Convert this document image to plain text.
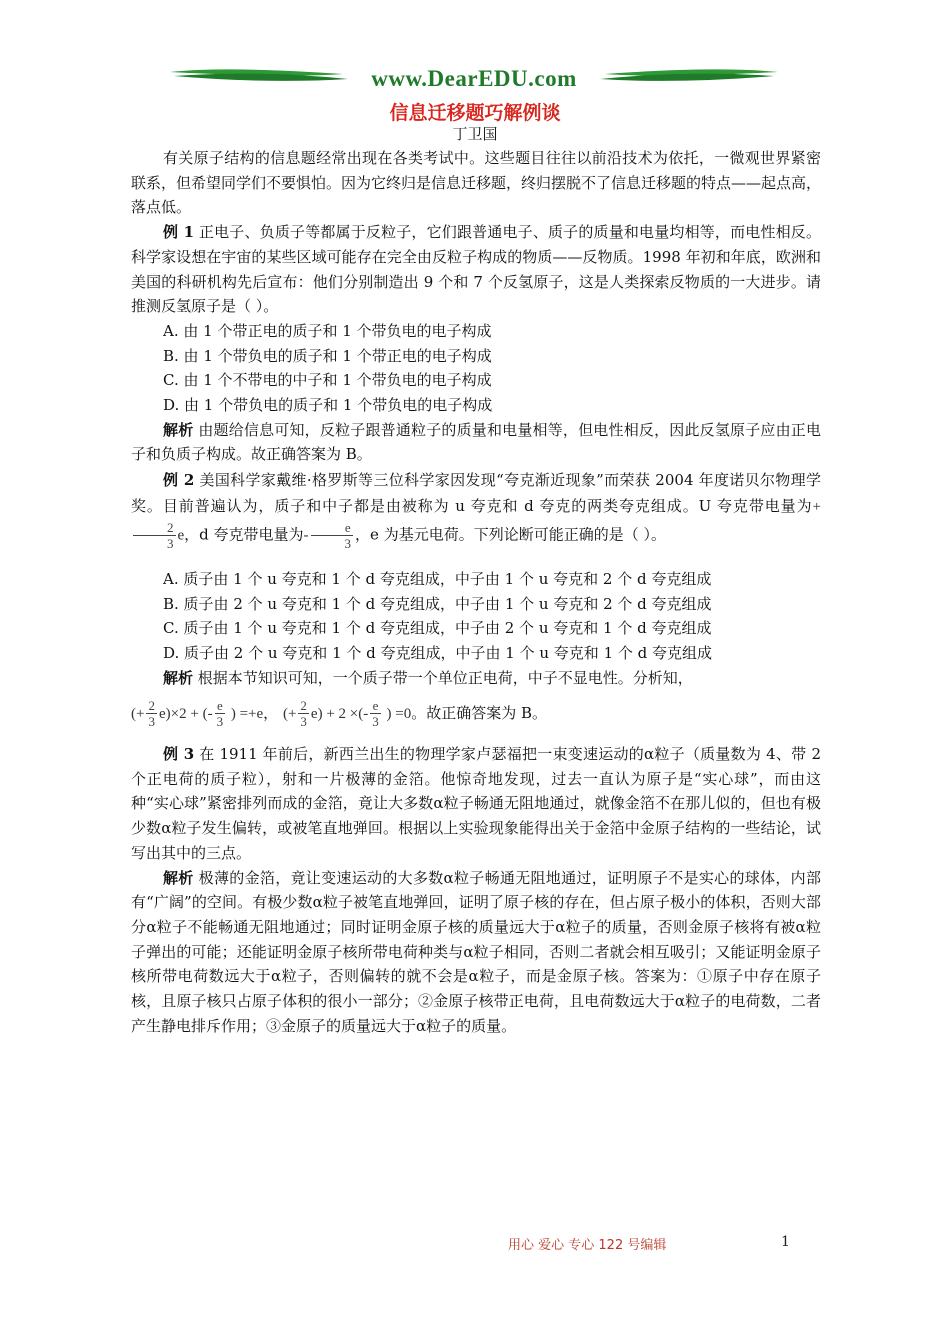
www.DearEDU.com
信息迁移题巧解例谈
丁卫国

有关原子结构的信息题经常出现在各类考试中。这些题目往往以前沿技术为依托，一微观世界紧密联系，但希望同学们不要惧怕。因为它终归是信息迁移题，终归摆脱不了信息迁移题的特点——起点高，落点低。

例 1 正电子、负质子等都属于反粒子，它们跟普通电子、质子的质量和电量均相等，而电性相反。科学家设想在宇宙的某些区域可能存在完全由反粒子构成的物质——反物质。1998 年初和年底，欧洲和美国的科研机构先后宣布：他们分别制造出 9 个和 7 个反氢原子，这是人类探索反物质的一大进步。请推测反氢原子是（ ）。

A. 由 1 个带正电的质子和 1 个带负电的电子构成

B. 由 1 个带负电的质子和 1 个带正电的电子构成

C. 由 1 个不带电的中子和 1 个带负电的电子构成

D. 由 1 个带负电的质子和 1 个带负电的电子构成

解析 由题给信息可知，反粒子跟普通粒子的质量和电量相等，但电性相反，因此反氢原子应由正电子和负质子构成。故正确答案为 B。

例 2 美国科学家戴维·格罗斯等三位科学家因发现“夸克渐近现象”而荣获 2004 年度诺贝尔物理学奖。目前普遍认为，质子和中子都是由被称为 u 夸克和 d 夸克的两类夸克组成。U 夸克带电量为+
$\frac{2}{3}$ e，d 夸克带电量为- $\frac{e}{3}$ ，e 为基元电荷。下列论断可能正确的是（ ）。

A. 质子由 1 个 u 夸克和 1 个 d 夸克组成，中子由 1 个 u 夸克和 2 个 d 夸克组成

B. 质子由 2 个 u 夸克和 1 个 d 夸克组成，中子由 1 个 u 夸克和 2 个 d 夸克组成

C. 质子由 1 个 u 夸克和 1 个 d 夸克组成，中子由 2 个 u 夸克和 1 个 d 夸克组成

D. 质子由 2 个 u 夸克和 1 个 d 夸克组成，中子由 1 个 u 夸克和 1 个 d 夸克组成

解析 根据本节知识可知，一个质子带一个单位正电荷，中子不显电性。分析知，

(+ $\frac{2}{3} e)\times 2$ + (- $\frac{e}{3}$ ) =+e， (+ $\frac{2}{3} e) + 2$ ×(- $\frac{e}{3}$ ) =0。故正确答案为 B。

例 3 在 1911 年前后，新西兰出生的物理学家卢瑟福把一束变速运动的α粒子（质量数为 4、带 2 个正电荷的质子粒），射和一片极薄的金箔。他惊奇地发现，过去一直认为原子是“实心球”，而由这种“实心球”紧密排列而成的金箔，竟让大多数α粒子畅通无阻地通过，就像金箔不在那儿似的，但也有极少数α粒子发生偏转，或被笔直地弹回。根据以上实验现象能得出关于金箔中金原子结构的一些结论，试写出其中的三点。

解析 极薄的金箔，竟让变速运动的大多数α粒子畅通无阻地通过，证明原子不是实心的球体，内部有“广阔”的空间。有极少数α粒子被笔直地弹回，证明了原子核的存在，但占原子极小的体积，否则大部分α粒子不能畅通无阻地通过；同时证明金原子核的质量远大于α粒子的质量，否则金原子核将有被α粒子弹出的可能；还能证明金原子核所带电荷种类与α粒子相同，否则二者就会相互吸引；又能证明金原子核所带电荷数远大于α粒子，否则偏转的就不会是α粒子，而是金原子核。答案为：①原子中存在原子核，且原子核只占原子体积的很小一部分；②金原子核带正电荷，且电荷数远大于α粒子的电荷数，二者产生静电排斥作用；③金原子的质量远大于α粒子的质量。

用心 爱心 专心 122 号编辑	1
